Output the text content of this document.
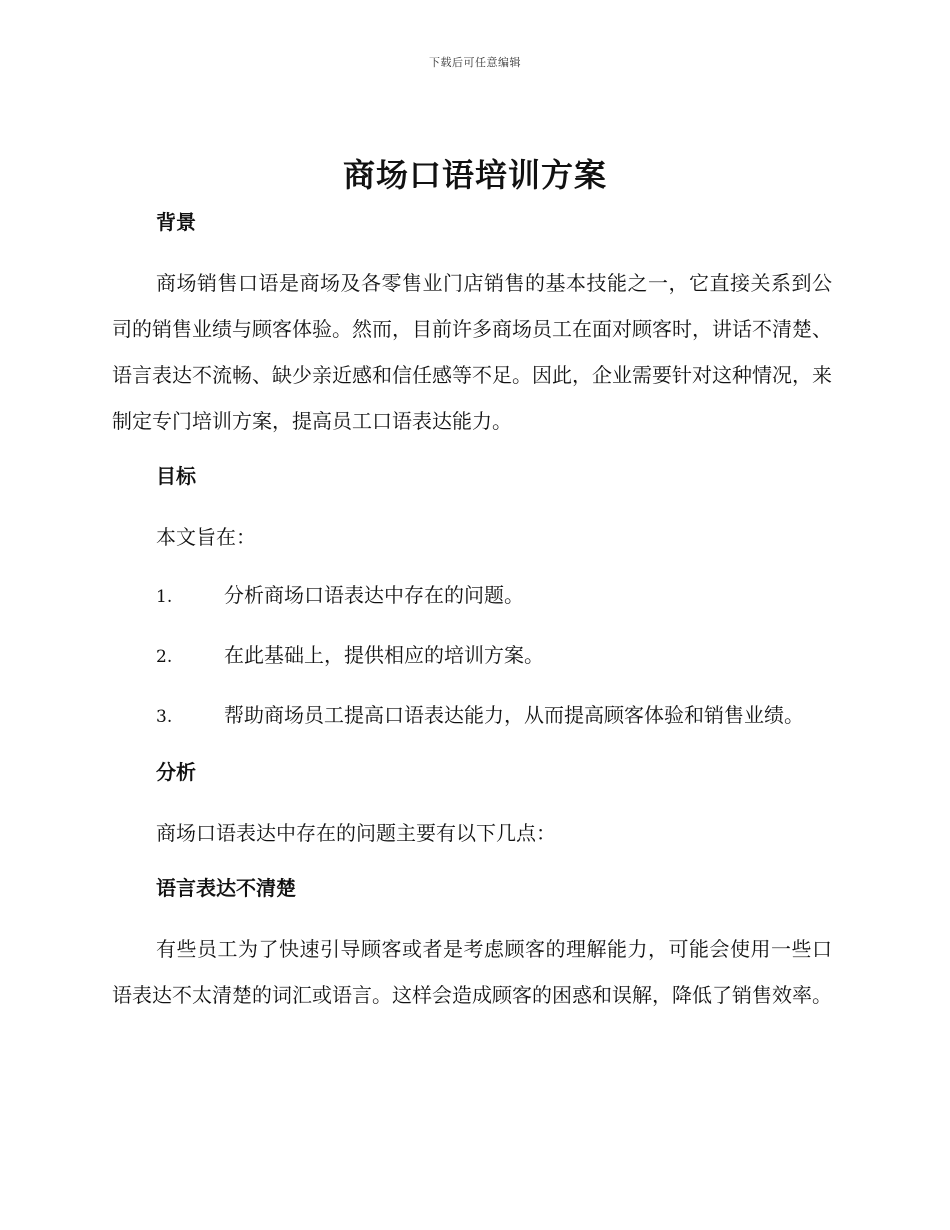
下载后可任意编辑
商场口语培训方案
背景

商场销售口语是商场及各零售业门店销售的基本技能之一，它直接关系到公司的销售业绩与顾客体验。然而，目前许多商场员工在面对顾客时，讲话不清楚、语言表达不流畅、缺少亲近感和信任感等不足。因此，企业需要针对这种情况，来制定专门培训方案，提高员工口语表达能力。

目标

本文旨在：

1.	分析商场口语表达中存在的问题。

2.	在此基础上，提供相应的培训方案。

3.	帮助商场员工提高口语表达能力，从而提高顾客体验和销售业绩。

分析

商场口语表达中存在的问题主要有以下几点：

语言表达不清楚

有些员工为了快速引导顾客或者是考虑顾客的理解能力，可能会使用一些口语表达不太清楚的词汇或语言。这样会造成顾客的困惑和误解，降低了销售效率。
